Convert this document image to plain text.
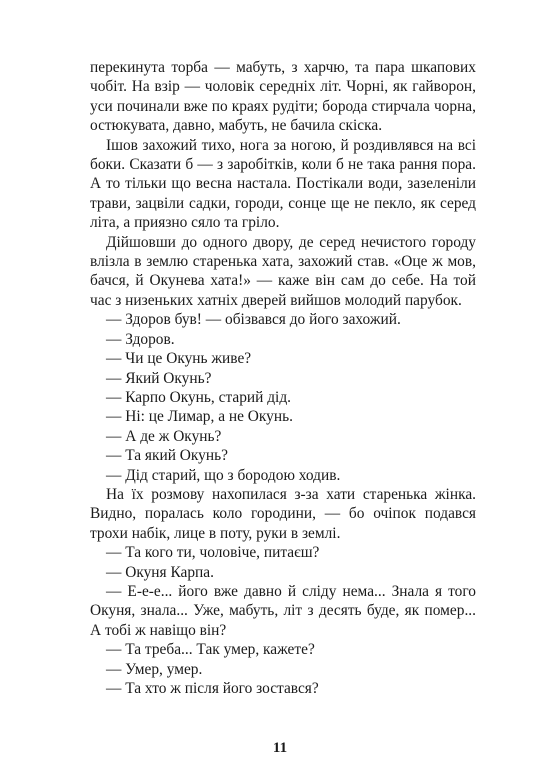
перекинута торба — мабуть, з харчю, та пара шкапових чобіт. На взір — чоловік середніх літ. Чорні, як гайворон, уси починали вже по краях рудіти; борода стирчала чорна, остюкувата, давно, мабуть, не бачила скіска.

Ішов захожий тихо, нога за ногою, й роздивлявся на всі боки. Сказати б — з заробітків, коли б не така рання пора. А то тільки що весна настала. Постікали води, зазеленіли трави, зацвіли садки, городи, сонце ще не пекло, як серед літа, а приязно сяло та гріло.

Дійшовши до одного двору, де серед нечистого городу влізла в землю старенька хата, захожий став. «Оце ж мов, бачся, й Окунева хата!» — каже він сам до себе. На той час з низеньких хатніх дверей вийшов молодий парубок.

— Здоров був! — обізвався до його захожий.

— Здоров.

— Чи це Окунь живе?

— Який Окунь?

— Карпо Окунь, старий дід.

— Ні: це Лимар, а не Окунь.

— А де ж Окунь?

— Та який Окунь?

— Дід старий, що з бородою ходив.

На їх розмову нахопилася з-за хати старенька жінка. Видно, поралась коло городини, — бо очіпок подався трохи набік, лице в поту, руки в землі.

— Та кого ти, чоловіче, питаєш?

— Окуня Карпа.

— Е-е-е... його вже давно й сліду нема... Знала я того Окуня, знала... Уже, мабуть, літ з десять буде, як помер... А тобі ж навіщо він?

— Та треба... Так умер, кажете?

— Умер, умер.

— Та хто ж після його зостався?

11
